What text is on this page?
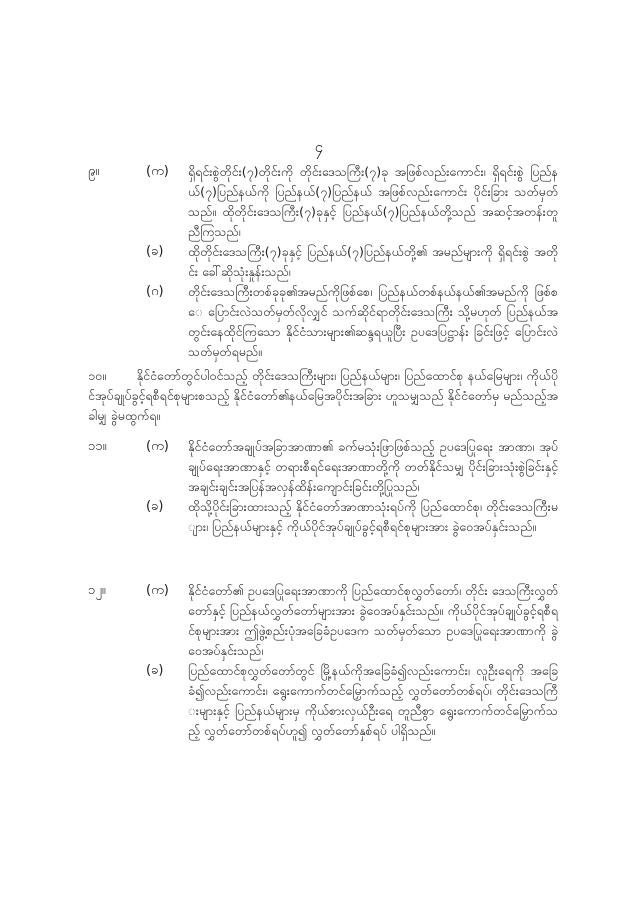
၄
၉။	(က) ရှိရင်းစွဲတိုင်း(၇)တိုင်းကို တိုင်းဒေသကြီး(၇)ခု အဖြစ်လည်းကောင်း၊ ရှိရင်းစွဲ ပြည်နယ်(၇)ပြည်နယ်ကို ပြည်နယ်(၇)ပြည်နယ် အဖြစ်လည်းကောင်း ပိုင်းခြား သတ်မှတ်သည်။ ထိုတိုင်းဒေသကြီး(၇)ခုနှင့် ပြည်နယ်(၇)ပြည်နယ်တို့သည် အဆင့်အတန်းတူညီကြသည်၊
(ခ) ထိုတိုင်းဒေသကြီး(၇)ခုနှင့် ပြည်နယ်(၇)ပြည်နယ်တို့၏ အမည်များကို ရှိရင်းစွဲ အတိုင်း ခေါ်ဆိုသုံးနှုန်းသည်၊
(ဂ) တိုင်းဒေသကြီးတစ်ခုခု၏အမည်ကိုဖြစ်စေ၊ ပြည်နယ်တစ်နယ်နယ်၏အမည်ကို ဖြစ်စေ ပြောင်းလဲသတ်မှတ်လိုလျှင် သက်ဆိုင်ရာတိုင်းဒေသကြီး သို့မဟုတ် ပြည်နယ်အတွင်းနေထိုင်ကြသော နိုင်ငံသားများ၏ဆန္ဒရယူပြီး ဥပဒေပြဋ္ဌာန်း ခြင်းဖြင့် ပြောင်းလဲသတ်မှတ်ရမည်။
၁၀။ နိုင်ငံတော်တွင်ပါဝင်သည့် တိုင်းဒေသကြီးများ၊ ပြည်နယ်များ၊ ပြည်ထောင်စု နယ်မြေများ၊ ကိုယ်ပိုင်အုပ်ချုပ်ခွင့်ရစီရင်စုများစသည့် နိုင်ငံတော်၏နယ်မြေအပိုင်းအခြား ဟူသမျှသည် နိုင်ငံတော်မှ မည်သည့်အခါမျှ ခွဲမထွက်ရ။
၁၁။	(က) နိုင်ငံတော်အချုပ်အခြာအာဏာ၏ ခက်မသုံးဖြာဖြစ်သည့် ဥပဒေပြုရေး အာဏာ၊ အုပ်ချုပ်ရေးအာဏာနှင့် တရားစီရင်ရေးအာဏာတို့ကို တတ်နိုင်သမျှ ပိုင်းခြားသုံးစွဲခြင်းနှင့် အချင်းချင်းအပြန်အလှန်ထိန်းကျောင်းခြင်းတို့ပြုသည်၊
(ခ) ထိုသို့ပိုင်းခြားထားသည့် နိုင်ငံတော်အာဏာသုံးရပ်ကို ပြည်ထောင်စု၊ တိုင်းဒေသကြီးများ၊ ပြည်နယ်များနှင့် ကိုယ်ပိုင်အုပ်ချုပ်ခွင့်ရစီရင်စုများအား ခွဲဝေအပ်နှင်းသည်။
၁၂။	(က) နိုင်ငံတော်၏ ဥပဒေပြုရေးအာဏာကို ပြည်ထောင်စုလွှတ်တော်၊ တိုင်း ဒေသကြီးလွှတ်တော်နှင့် ပြည်နယ်လွှတ်တော်များအား ခွဲဝေအပ်နှင်းသည်။ ကိုယ်ပိုင်အုပ်ချုပ်ခွင့်ရစီရင်စုများအား ဤဖွဲ့စည်းပုံအခြေခံဥပဒေက သတ်မှတ်သော ဥပဒေပြုရေးအာဏာကို ခွဲဝေအပ်နှင်းသည်၊
(ခ) ပြည်ထောင်စုလွှတ်တော်တွင် မြို့နယ်ကိုအခြေခံ၍လည်းကောင်း၊ လူဦးရေကို အခြေခံ၍လည်းကောင်း၊ ရွေးကောက်တင်မြှောက်သည့် လွှတ်တော်တစ်ရပ်၊ တိုင်းဒေသကြီးများနှင့် ပြည်နယ်များမှ ကိုယ်စားလှယ်ဦးရေ တူညီစွာ ရွေးကောက်တင်မြှောက်သည့် လွှတ်တော်တစ်ရပ်ဟူ၍ လွှတ်တော်နှစ်ရပ် ပါရှိသည်။
